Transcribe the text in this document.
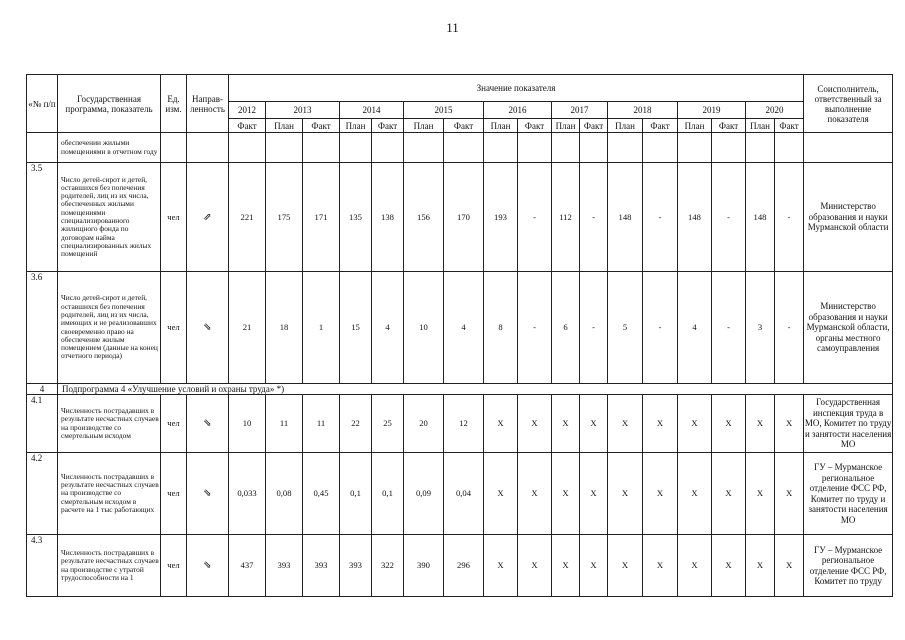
11
«№ п/п	Государственная программа, показатель	Ед. изм.	Направ-ленность	Значение показателя																	Соисполнитель, ответственный за выполнение показателя
				2012	2013		2014		2015		2016		2017		2018		2019		2020		
				Факт	План	Факт	План	Факт	План	Факт	План	Факт	План	Факт	План	Факт	План	Факт	План	Факт	
	обеспечении жилыми помещениями в отчетном году																				
3.5	Число детей-сирот и детей, оставшихся без попечения родителей, лиц из их числа, обеспеченных жилыми помещениями специализированного жилищного фонда по договорам найма специализированных жилых помещений	чел	⇗	221	175	171	135	138	156	170	193	-	112	-	148	-	148	-	148	-	Министерство образования и науки Мурманской области
3.6	Число детей-сирот и детей, оставшихся без попечения родителей, лиц из их числа, имеющих и не реализовавших своевременно право на обеспечение жилым помещением (данные на конец отчетного периода)	чел	⇘	21	18	1	15	4	10	4	8	-	6	-	5	-	4	-	3	-	Министерство образования и науки Мурманской области, органы местного самоуправления
4	Подпрограмма 4 «Улучшение условий и охраны труда» *)																				
4.1	Численность пострадавших в результате несчастных случаев на производстве со смертельным исходом	чел	⇘	10	11	11	22	25	20	12	Х	Х	Х	Х	Х	Х	Х	Х	Х	Х	Государственная инспекция труда в МО, Комитет по труду и занятости населения МО
4.2	Численность пострадавших в результате несчастных случаев на производстве со смертельным исходом в расчете на 1 тыс работающих	чел	⇘	0,033	0,08	0,45	0,1	0,1	0,09	0,04	Х	Х	Х	Х	Х	Х	Х	Х	Х	Х	ГУ – Мурманское региональное отделение ФСС РФ, Комитет по труду и занятости населения МО
4.3	Численность пострадавших в результате несчастных случаев на производстве с утратой трудоспособности на 1	чел	⇘	437	393	393	393	322	390	296	Х	Х	Х	Х	Х	Х	Х	Х	Х	Х	ГУ – Мурманское региональное отделение ФСС РФ, Комитет по труду
